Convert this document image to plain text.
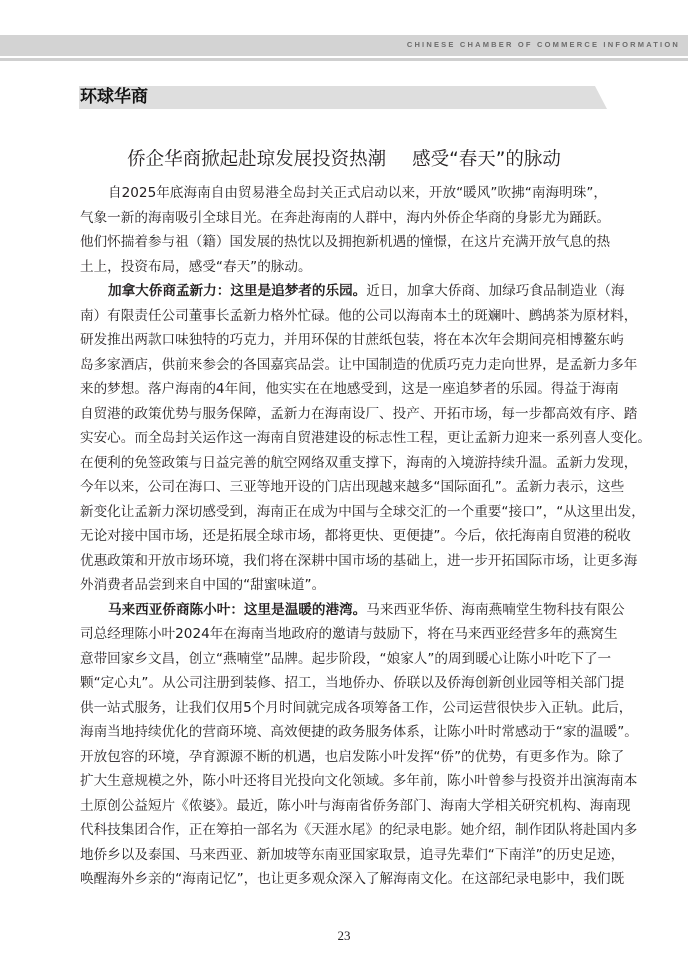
CHINESE CHAMBER OF COMMERCE INFORMATION
环球华商
侨企华商掀起赴琼发展投资热潮 感受“春天”的脉动
自2025年底海南自由贸易港全岛封关正式启动以来，开放“暖风”吹拂“南海明珠”，
气象一新的海南吸引全球目光。在奔赴海南的人群中，海内外侨企华商的身影尤为踊跃。
他们怀揣着参与祖（籍）国发展的热忱以及拥抱新机遇的憧憬，在这片充满开放气息的热
土上，投资布局，感受“春天”的脉动。
加拿大侨商孟新力：这里是追梦者的乐园。近日，加拿大侨商、加绿巧食品制造业（海
南）有限责任公司董事长孟新力格外忙碌。他的公司以海南本土的斑斓叶、鹧鸪茶为原材料，
研发推出两款口味独特的巧克力，并用环保的甘蔗纸包装，将在本次年会期间亮相博鳌东屿
岛多家酒店，供前来参会的各国嘉宾品尝。让中国制造的优质巧克力走向世界，是孟新力多年
来的梦想。落户海南的4年间，他实实在在地感受到，这是一座追梦者的乐园。得益于海南
自贸港的政策优势与服务保障，孟新力在海南设厂、投产、开拓市场，每一步都高效有序、踏
实安心。而全岛封关运作这一海南自贸港建设的标志性工程，更让孟新力迎来一系列喜人变化。
在便利的免签政策与日益完善的航空网络双重支撑下，海南的入境游持续升温。孟新力发现，
今年以来，公司在海口、三亚等地开设的门店出现越来越多“国际面孔”。孟新力表示，这些
新变化让孟新力深切感受到，海南正在成为中国与全球交汇的一个重要“接口”，“从这里出发，
无论对接中国市场，还是拓展全球市场，都将更快、更便捷”。今后，依托海南自贸港的税收
优惠政策和开放市场环境，我们将在深耕中国市场的基础上，进一步开拓国际市场，让更多海
外消费者品尝到来自中国的“甜蜜味道”。
马来西亚侨商陈小叶：这里是温暖的港湾。马来西亚华侨、海南燕喃堂生物科技有限公
司总经理陈小叶2024年在海南当地政府的邀请与鼓励下，将在马来西亚经营多年的燕窝生
意带回家乡文昌，创立“燕喃堂”品牌。起步阶段，“娘家人”的周到暖心让陈小叶吃下了一
颗“定心丸”。从公司注册到装修、招工，当地侨办、侨联以及侨海创新创业园等相关部门提
供一站式服务，让我们仅用5个月时间就完成各项筹备工作，公司运营很快步入正轨。此后，
海南当地持续优化的营商环境、高效便捷的政务服务体系，让陈小叶时常感动于“家的温暖”。
开放包容的环境，孕育源源不断的机遇，也启发陈小叶发挥“侨”的优势，有更多作为。除了
扩大生意规模之外，陈小叶还将目光投向文化领域。多年前，陈小叶曾参与投资并出演海南本
土原创公益短片《侬婆》。最近，陈小叶与海南省侨务部门、海南大学相关研究机构、海南现
代科技集团合作，正在筹拍一部名为《天涯水尾》的纪录电影。她介绍，制作团队将赴国内多
地侨乡以及泰国、马来西亚、新加坡等东南亚国家取景，追寻先辈们“下南洋”的历史足迹，
唤醒海外乡亲的“海南记忆”，也让更多观众深入了解海南文化。在这部纪录电影中，我们既
23
